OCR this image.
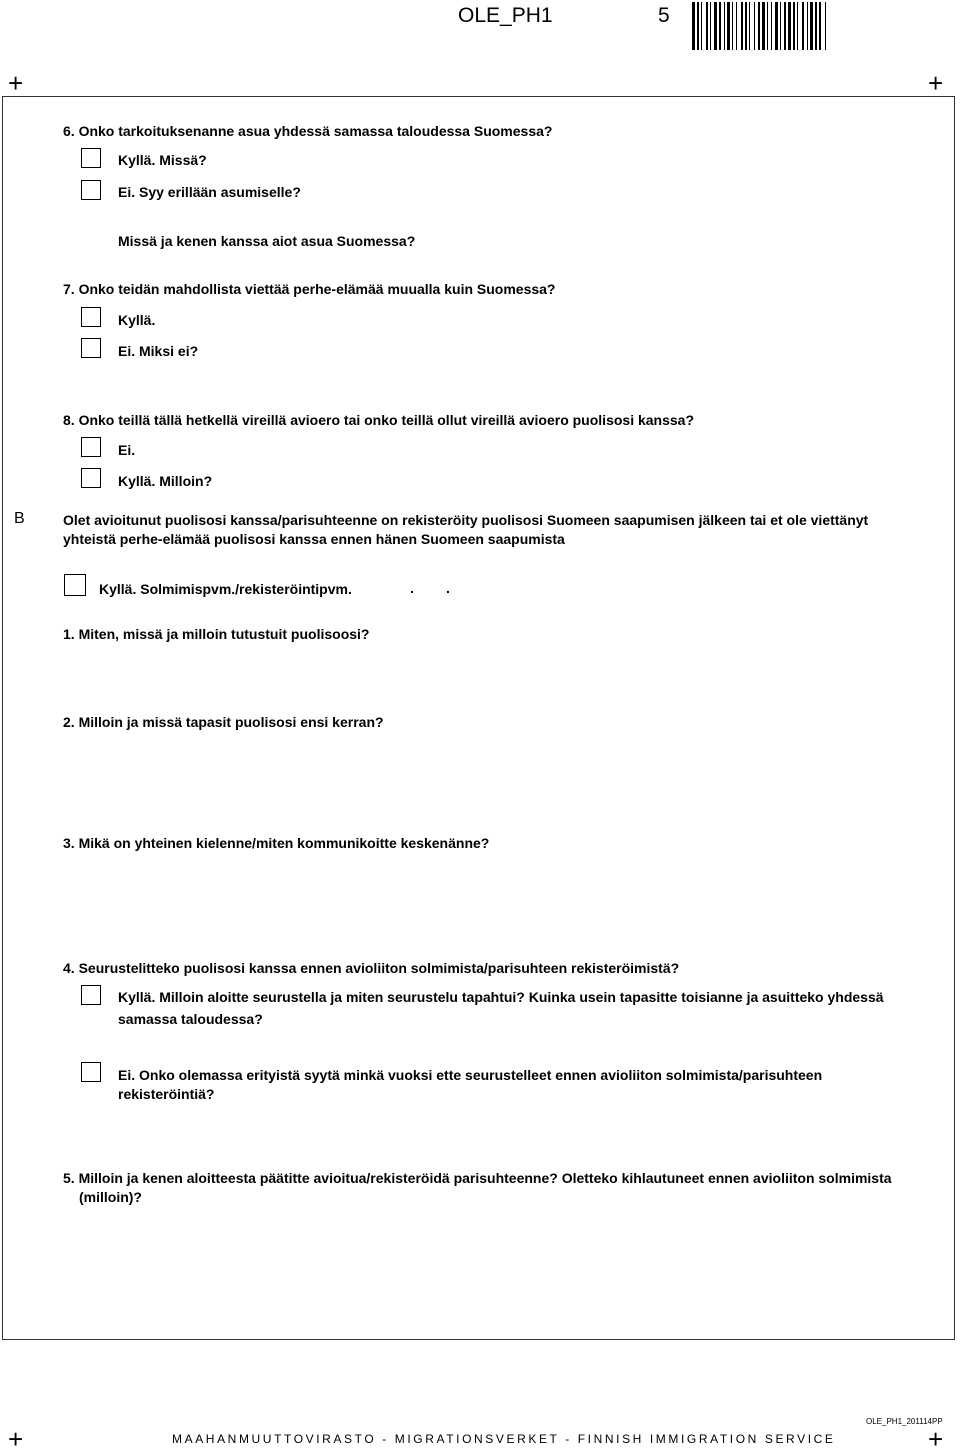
OLE_PH1	5
+	+
+	+
6. Onko tarkoituksenanne asua yhdessä samassa taloudessa Suomessa?
Kyllä. Missä?
Ei. Syy erillään asumiselle?
Missä ja kenen kanssa aiot asua Suomessa?
7. Onko teidän mahdollista viettää perhe-elämää muualla kuin Suomessa?
Kyllä.
Ei. Miksi ei?
8. Onko teillä tällä hetkellä vireillä avioero tai onko teillä ollut vireillä avioero puolisosi kanssa?
Ei.
Kyllä. Milloin?
B	Olet avioitunut puolisosi kanssa/parisuhteenne on rekisteröity puolisosi Suomeen saapumisen jälkeen tai et ole viettänyt
yhteistä perhe-elämää puolisosi kanssa ennen hänen Suomeen saapumista
Kyllä. Solmimispvm./rekisteröintipvm.	. .
1. Miten, missä ja milloin tutustuit puolisoosi?
2. Milloin ja missä tapasit puolisosi ensi kerran?
3. Mikä on yhteinen kielenne/miten kommunikoitte keskenänne?
4. Seurustelitteko puolisosi kanssa ennen avioliiton solmimista/parisuhteen rekisteröimistä?
Kyllä. Milloin aloitte seurustella ja miten seurustelu tapahtui? Kuinka usein tapasitte toisianne ja asuitteko yhdessä
samassa taloudessa?
Ei. Onko olemassa erityistä syytä minkä vuoksi ette seurustelleet ennen avioliiton solmimista/parisuhteen
rekisteröintiä?
5. Milloin ja kenen aloitteesta päätitte avioitua/rekisteröidä parisuhteenne? Oletteko kihlautuneet ennen avioliiton solmimista
(milloin)?
OLE_PH1_201114PP
MAAHANMUUTTOVIRASTO - MIGRATIONSVERKET - FINNISH IMMIGRATION SERVICE
